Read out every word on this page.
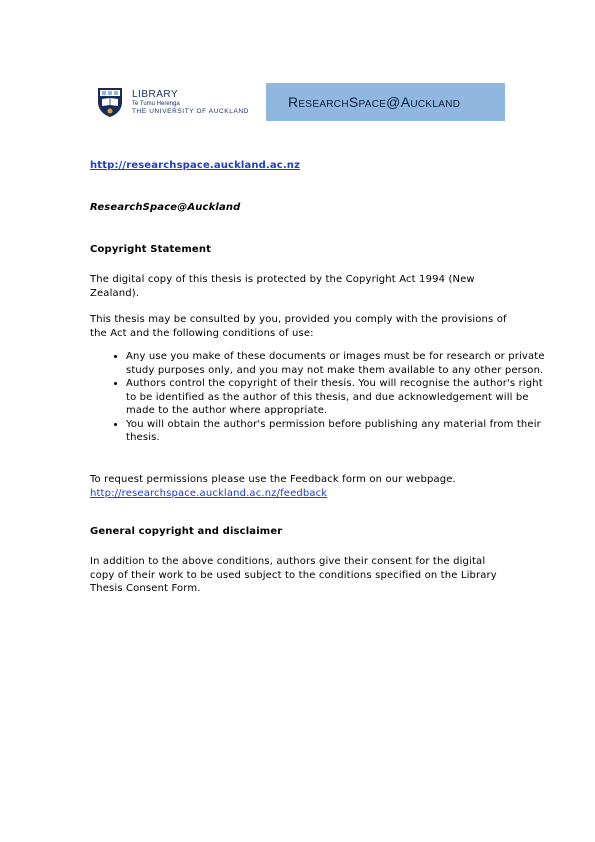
LIBRARY
Te Tumu Herenga
THE UNIVERSITY OF AUCKLAND
ResearchSpace@Auckland
http://researchspace.auckland.ac.nz
ResearchSpace@Auckland
Copyright Statement
The digital copy of this thesis is protected by the Copyright Act 1994 (New Zealand).
This thesis may be consulted by you, provided you comply with the provisions of the Act and the following conditions of use:
• Any use you make of these documents or images must be for research or private study purposes only, and you may not make them available to any other person.
• Authors control the copyright of their thesis. You will recognise the author's right to be identified as the author of this thesis, and due acknowledgement will be made to the author where appropriate.
• You will obtain the author's permission before publishing any material from their thesis.
To request permissions please use the Feedback form on our webpage.
http://researchspace.auckland.ac.nz/feedback
General copyright and disclaimer
In addition to the above conditions, authors give their consent for the digital copy of their work to be used subject to the conditions specified on the Library Thesis Consent Form.
